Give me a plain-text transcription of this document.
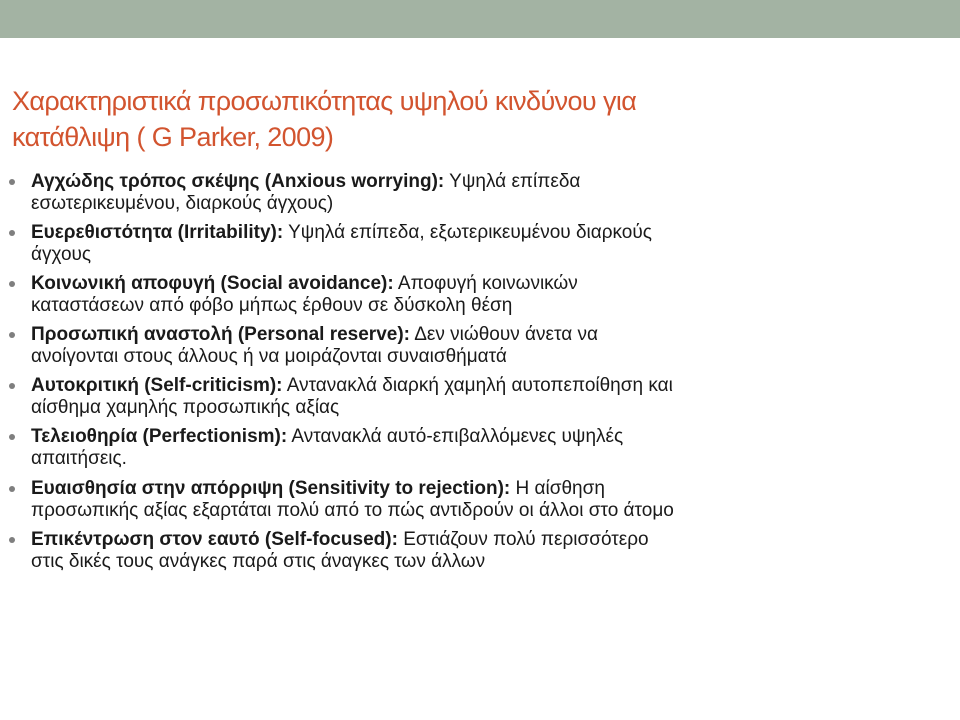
Χαρακτηριστικά προσωπικότητας υψηλού κινδύνου για
κατάθλιψη ( G Parker, 2009)
Αγχώδης τρόπος σκέψης (Anxious worrying): Υψηλά επίπεδα
εσωτερικευμένου, διαρκούς άγχους)
Ευερεθιστότητα (Irritability): Υψηλά επίπεδα, εξωτερικευμένου διαρκούς
άγχους
Κοινωνική αποφυγή (Social avoidance): Αποφυγή κοινωνικών
καταστάσεων από φόβο μήπως έρθουν σε δύσκολη θέση
Προσωπική αναστολή (Personal reserve): Δεν νιώθουν άνετα να
ανοίγονται στους άλλους ή να μοιράζονται συναισθήματά
Αυτοκριτική (Self-criticism): Αντανακλά διαρκή χαμηλή αυτοπεποίθηση και
αίσθημα χαμηλής προσωπικής αξίας
Τελειοθηρία (Perfectionism): Αντανακλά αυτό-επιβαλλόμενες υψηλές
απαιτήσεις.
Ευαισθησία στην απόρριψη (Sensitivity to rejection): Η αίσθηση
προσωπικής αξίας εξαρτάται πολύ από το πώς αντιδρούν οι άλλοι στο άτομο
Επικέντρωση στον εαυτό (Self-focused): Εστιάζουν πολύ περισσότερο
στις δικές τους ανάγκες παρά στις άναγκες των άλλων
